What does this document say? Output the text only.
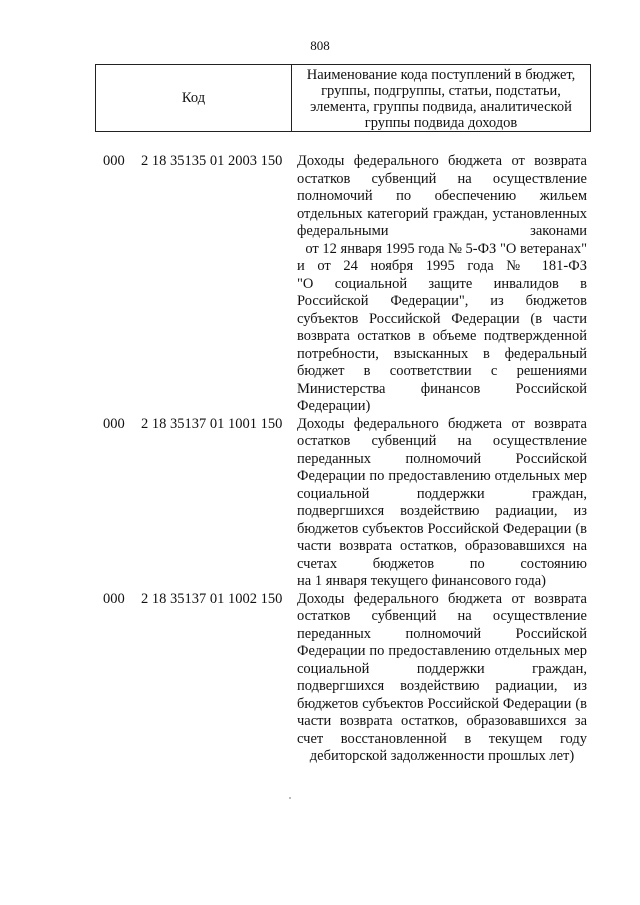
808
Код
Наименование кода поступлений в бюджет,
группы, подгруппы, статьи, подстатьи,
элемента, группы подвида, аналитической
группы подвида доходов
000 2 18 35135 01 2003 150 Доходы федерального бюджета от возврата
остатков субвенций на осуществление
полномочий по обеспечению жильем
отдельных категорий граждан, установленных
федеральными законами
от 12 января 1995 года № 5-ФЗ "О ветеранах"
и от 24 ноября 1995 года № 181-ФЗ
"О социальной защите инвалидов в
Российской Федерации", из бюджетов
субъектов Российской Федерации (в части
возврата остатков в объеме подтвержденной
потребности, взысканных в федеральный
бюджет в соответствии с решениями
Министерства финансов Российской
Федерации)
000 2 18 35137 01 1001 150 Доходы федерального бюджета от возврата
остатков субвенций на осуществление
переданных полномочий Российской
Федерации по предоставлению отдельных мер
социальной поддержки граждан,
подвергшихся воздействию радиации, из
бюджетов субъектов Российской Федерации (в
части возврата остатков, образовавшихся на
счетах бюджетов по состоянию
на 1 января текущего финансового года)
000 2 18 35137 01 1002 150 Доходы федерального бюджета от возврата
остатков субвенций на осуществление
переданных полномочий Российской
Федерации по предоставлению отдельных мер
социальной поддержки граждан,
подвергшихся воздействию радиации, из
бюджетов субъектов Российской Федерации (в
части возврата остатков, образовавшихся за
счет восстановленной в текущем году
дебиторской задолженности прошлых лет)
